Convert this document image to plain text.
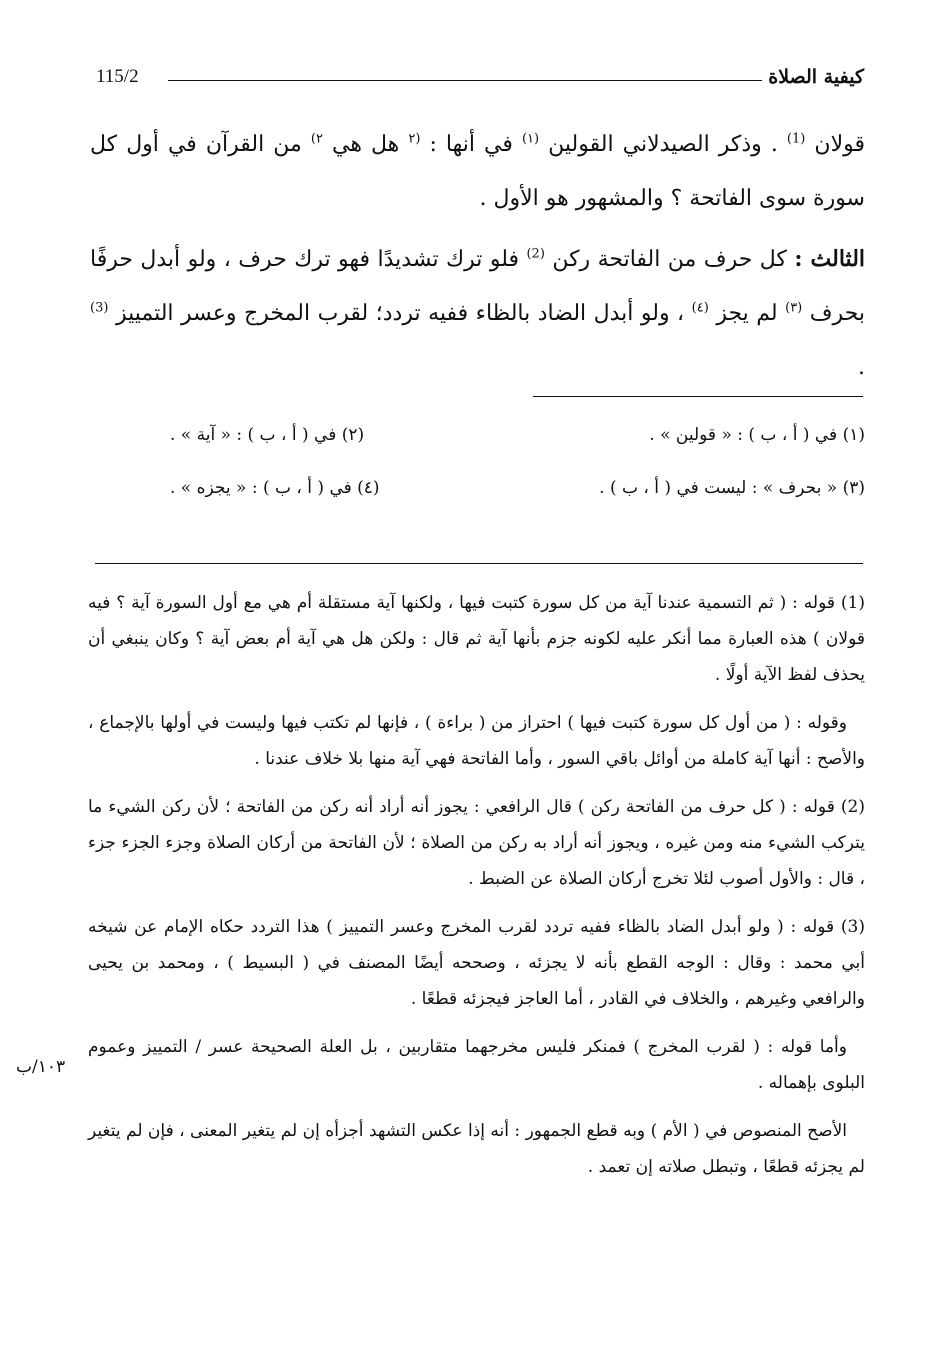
كيفية الصلاة
115/2

قولان $^{(1)}$ . وذكر الصيدلاني القولين $^{(١)}$ في أنها : $^{(٢}$ هل هي $^{٢)}$ من القرآن في أول كل سورة سوى الفاتحة ؟ والمشهور هو الأول .

الثالث : كل حرف من الفاتحة ركن $^{(2)}$ فلو ترك تشديدًا فهو ترك حرف ، ولو أبدل حرفًا بحرف $^{(٣)}$ لم يجز $^{(٤)}$ ، ولو أبدل الضاد بالظاء ففيه تردد؛ لقرب المخرج وعسر التمييز $^{(3)}$ .

(١) في ( أ ، ب ) : « قولين » .
(٢) في ( أ ، ب ) : « آية » .
(٣) « بحرف » : ليست في ( أ ، ب ) .
(٤) في ( أ ، ب ) : « يجزه » .

(1) قوله : ( ثم التسمية عندنا آية من كل سورة كتبت فيها ، ولكنها آية مستقلة أم هي مع أول السورة آية ؟ فيه قولان ) هذه العبارة مما أنكر عليه لكونه جزم بأنها آية ثم قال : ولكن هل هي آية أم بعض آية ؟ وكان ينبغي أن يحذف لفظ الآية أولًا .

وقوله : ( من أول كل سورة كتبت فيها ) احتراز من ( براءة ) ، فإنها لم تكتب فيها وليست في أولها بالإجماع ، والأصح : أنها آية كاملة من أوائل باقي السور ، وأما الفاتحة فهي آية منها بلا خلاف عندنا .

(2) قوله : ( كل حرف من الفاتحة ركن ) قال الرافعي : يجوز أنه أراد أنه ركن من الفاتحة ؛ لأن ركن الشيء ما يتركب الشيء منه ومن غيره ، ويجوز أنه أراد به ركن من الصلاة ؛ لأن الفاتحة من أركان الصلاة وجزء الجزء جزء ، قال : والأول أصوب لئلا تخرج أركان الصلاة عن الضبط .

(3) قوله : ( ولو أبدل الضاد بالظاء ففيه تردد لقرب المخرج وعسر التمييز ) هذا التردد حكاه الإمام عن شيخه أبي محمد : وقال : الوجه القطع بأنه لا يجزئه ، وصححه أيضًا المصنف في ( البسيط ) ، ومحمد بن يحيى والرافعي وغيرهم ، والخلاف في القادر ، أما العاجز فيجزئه قطعًا .

وأما قوله : ( لقرب المخرج ) فمنكر فليس مخرجهما متقاربين ، بل العلة الصحيحة عسر / التمييز وعموم البلوى بإهماله .

الأصح المنصوص في ( الأم ) وبه قطع الجمهور : أنه إذا عكس التشهد أجزأه إن لم يتغير المعنى ، فإن لم يتغير لم يجزئه قطعًا ، وتبطل صلاته إن تعمد .

١٠٣/ب
